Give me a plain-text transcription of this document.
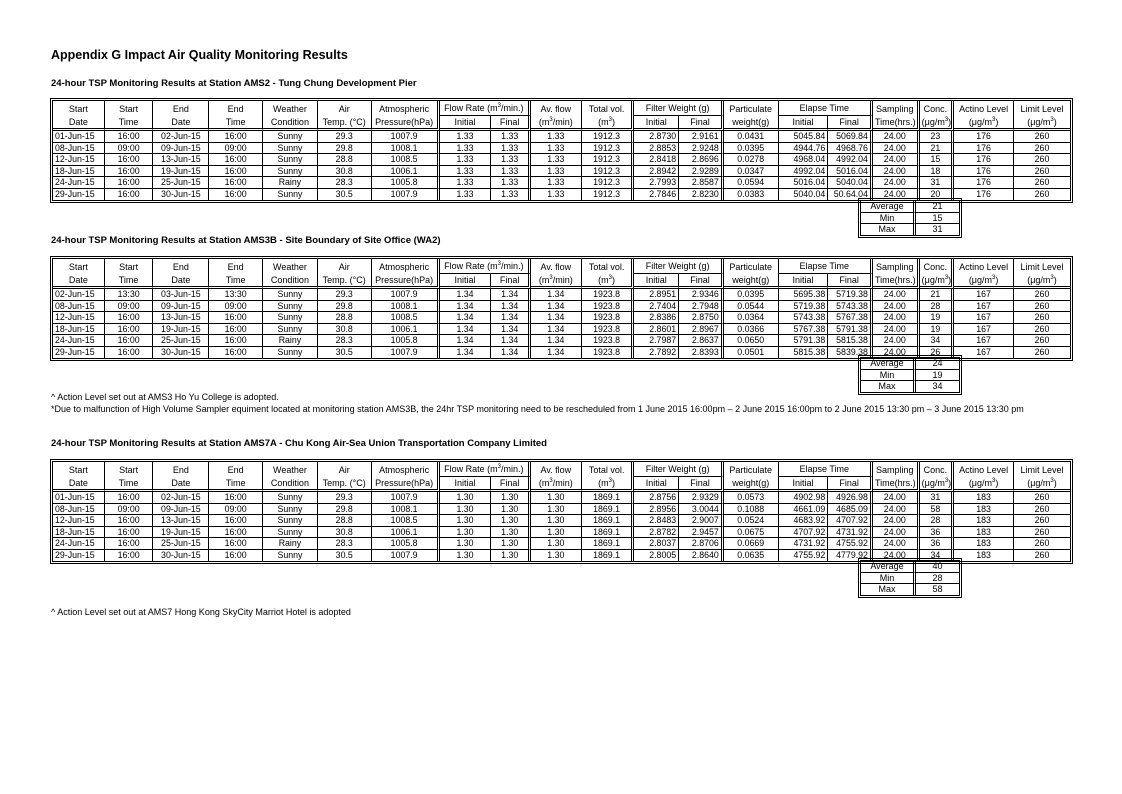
Appendix G Impact Air Quality Monitoring Results
24-hour TSP Monitoring Results at Station AMS2 - Tung Chung Development Pier
Start	Start	End	End	Weather	Air	Atmospheric	Flow Rate $(m^3/\min.)$		Av. flow	Total vol.	Filter Weight (g)		Particulate	Elapse Time		Sampling	Conc.	Actino Level	Limit Level
Date	Time	Date	Time	Condition	Temp. (°C)	Pressure(hPa)	Initial	Final	$(m^3/\min)$	$(m^3)$	Initial	Final	weight(g)	Initial	Final	Time(hrs.)	$(\mu g/m^3)$	$(\mu g/m^3)$	$(\mu g/m^3)$
01-Jun-15	16:00	02-Jun-15	16:00	Sunny	29.3	1007.9	1.33	1.33	1.33	1912.3	2.8730	2.9161	0.0431	5045.84	5069.84	24.00	23	176	260
08-Jun-15	09:00	09-Jun-15	09:00	Sunny	29.8	1008.1	1.33	1.33	1.33	1912.3	2.8853	2.9248	0.0395	4944.76	4968.76	24.00	21	176	260
12-Jun-15	16:00	13-Jun-15	16:00	Sunny	28.8	1008.5	1.33	1.33	1.33	1912.3	2.8418	2.8696	0.0278	4968.04	4992.04	24.00	15	176	260
18-Jun-15	16:00	19-Jun-15	16:00	Sunny	30.8	1006.1	1.33	1.33	1.33	1912.3	2.8942	2.9289	0.0347	4992.04	5016.04	24.00	18	176	260
24-Jun-15	16:00	25-Jun-15	16:00	Rainy	28.3	1005.8	1.33	1.33	1.33	1912.3	2.7993	2.8587	0.0594	5016.04	5040.04	24.00	31	176	260
29-Jun-15	16:00	30-Jun-15	16:00	Sunny	30.5	1007.9	1.33	1.33	1.33	1912.3	2.7846	2.8230	0.0383	5040.04	50.64.04	24.00	20	176	260
Average	21
Min	15
Max	31
24-hour TSP Monitoring Results at Station AMS3B - Site Boundary of Site Office (WA2)
Start	Start	End	End	Weather	Air	Atmospheric	Flow Rate $(m^3/\min.)$		Av. flow	Total vol.	Filter Weight (g)		Particulate	Elapse Time		Sampling	Conc.	Actino Level	Limit Level
Date	Time	Date	Time	Condition	Temp. (°C)	Pressure(hPa)	Initial	Final	$(m^3/\min)$	$(m^3)$	Initial	Final	weight(g)	Initial	Final	Time(hrs.)	$(\mu g/m^3)$	$(\mu g/m^3)$	$(\mu g/m^3)$
02-Jun-15	13:30	03-Jun-15	13:30	Sunny	29.3	1007.9	1.34	1.34	1.34	1923.8	2.8951	2.9346	0.0395	5695.38	5719.38	24.00	21	167	260
08-Jun-15	09:00	09-Jun-15	09:00	Sunny	29.8	1008.1	1.34	1.34	1.34	1923.8	2.7404	2.7948	0.0544	5719.38	5743.38	24.00	28	167	260
12-Jun-15	16:00	13-Jun-15	16:00	Sunny	28.8	1008.5	1.34	1.34	1.34	1923.8	2.8386	2.8750	0.0364	5743.38	5767.38	24.00	19	167	260
18-Jun-15	16:00	19-Jun-15	16:00	Sunny	30.8	1006.1	1.34	1.34	1.34	1923.8	2.8601	2.8967	0.0366	5767.38	5791.38	24.00	19	167	260
24-Jun-15	16:00	25-Jun-15	16:00	Rainy	28.3	1005.8	1.34	1.34	1.34	1923.8	2.7987	2.8637	0.0650	5791.38	5815.38	24.00	34	167	260
29-Jun-15	16:00	30-Jun-15	16:00	Sunny	30.5	1007.9	1.34	1.34	1.34	1923.8	2.7892	2.8393	0.0501	5815.38	5839.38	24.00	26	167	260
Average	24
Min	19
Max	34

^ Action Level set out at AMS3 Ho Yu College is adopted.

*Due to malfunction of High Volume Sampler equiment located at monitoring station AMS3B, the 24hr TSP monitoring need to be rescheduled from 1 June 2015 16:00pm – 2 June 2015 16:00pm to 2 June 2015 13:30 pm – 3 June 2015 13:30 pm

24-hour TSP Monitoring Results at Station AMS7A - Chu Kong Air-Sea Union Transportation Company Limited
Start	Start	End	End	Weather	Air	Atmospheric	Flow Rate $(m^3/\min.)$		Av. flow	Total vol.	Filter Weight (g)		Particulate	Elapse Time		Sampling	Conc.	Actino Level	Limit Level
Date	Time	Date	Time	Condition	Temp. (°C)	Pressure(hPa)	Initial	Final	$(m^3/\min)$	$(m^3)$	Initial	Final	weight(g)	Initial	Final	Time(hrs.)	$(\mu g/m^3)$	$(\mu g/m^3)$	$(\mu g/m^3)$
01-Jun-15	16:00	02-Jun-15	16:00	Sunny	29.3	1007.9	1.30	1.30	1.30	1869.1	2.8756	2.9329	0.0573	4902.98	4926.98	24.00	31	183	260
08-Jun-15	09:00	09-Jun-15	09:00	Sunny	29.8	1008.1	1.30	1.30	1.30	1869.1	2.8956	3.0044	0.1088	4661.09	4685.09	24.00	58	183	260
12-Jun-15	16:00	13-Jun-15	16:00	Sunny	28.8	1008.5	1.30	1.30	1.30	1869.1	2.8483	2.9007	0.0524	4683.92	4707.92	24.00	28	183	260
18-Jun-15	16:00	19-Jun-15	16:00	Sunny	30.8	1006.1	1.30	1.30	1.30	1869.1	2.8782	2.9457	0.0675	4707.92	4731.92	24.00	36	183	260
24-Jun-15	16:00	25-Jun-15	16:00	Rainy	28.3	1005.8	1.30	1.30	1.30	1869.1	2.8037	2.8706	0.0669	4731.92	4755.92	24.00	36	183	260
29-Jun-15	16:00	30-Jun-15	16:00	Sunny	30.5	1007.9	1.30	1.30	1.30	1869.1	2.8005	2.8640	0.0635	4755.92	4779.92	24.00	34	183	260
Average	40
Min	28
Max	58

^ Action Level set out at AMS7 Hong Kong SkyCity Marriot Hotel is adopted
